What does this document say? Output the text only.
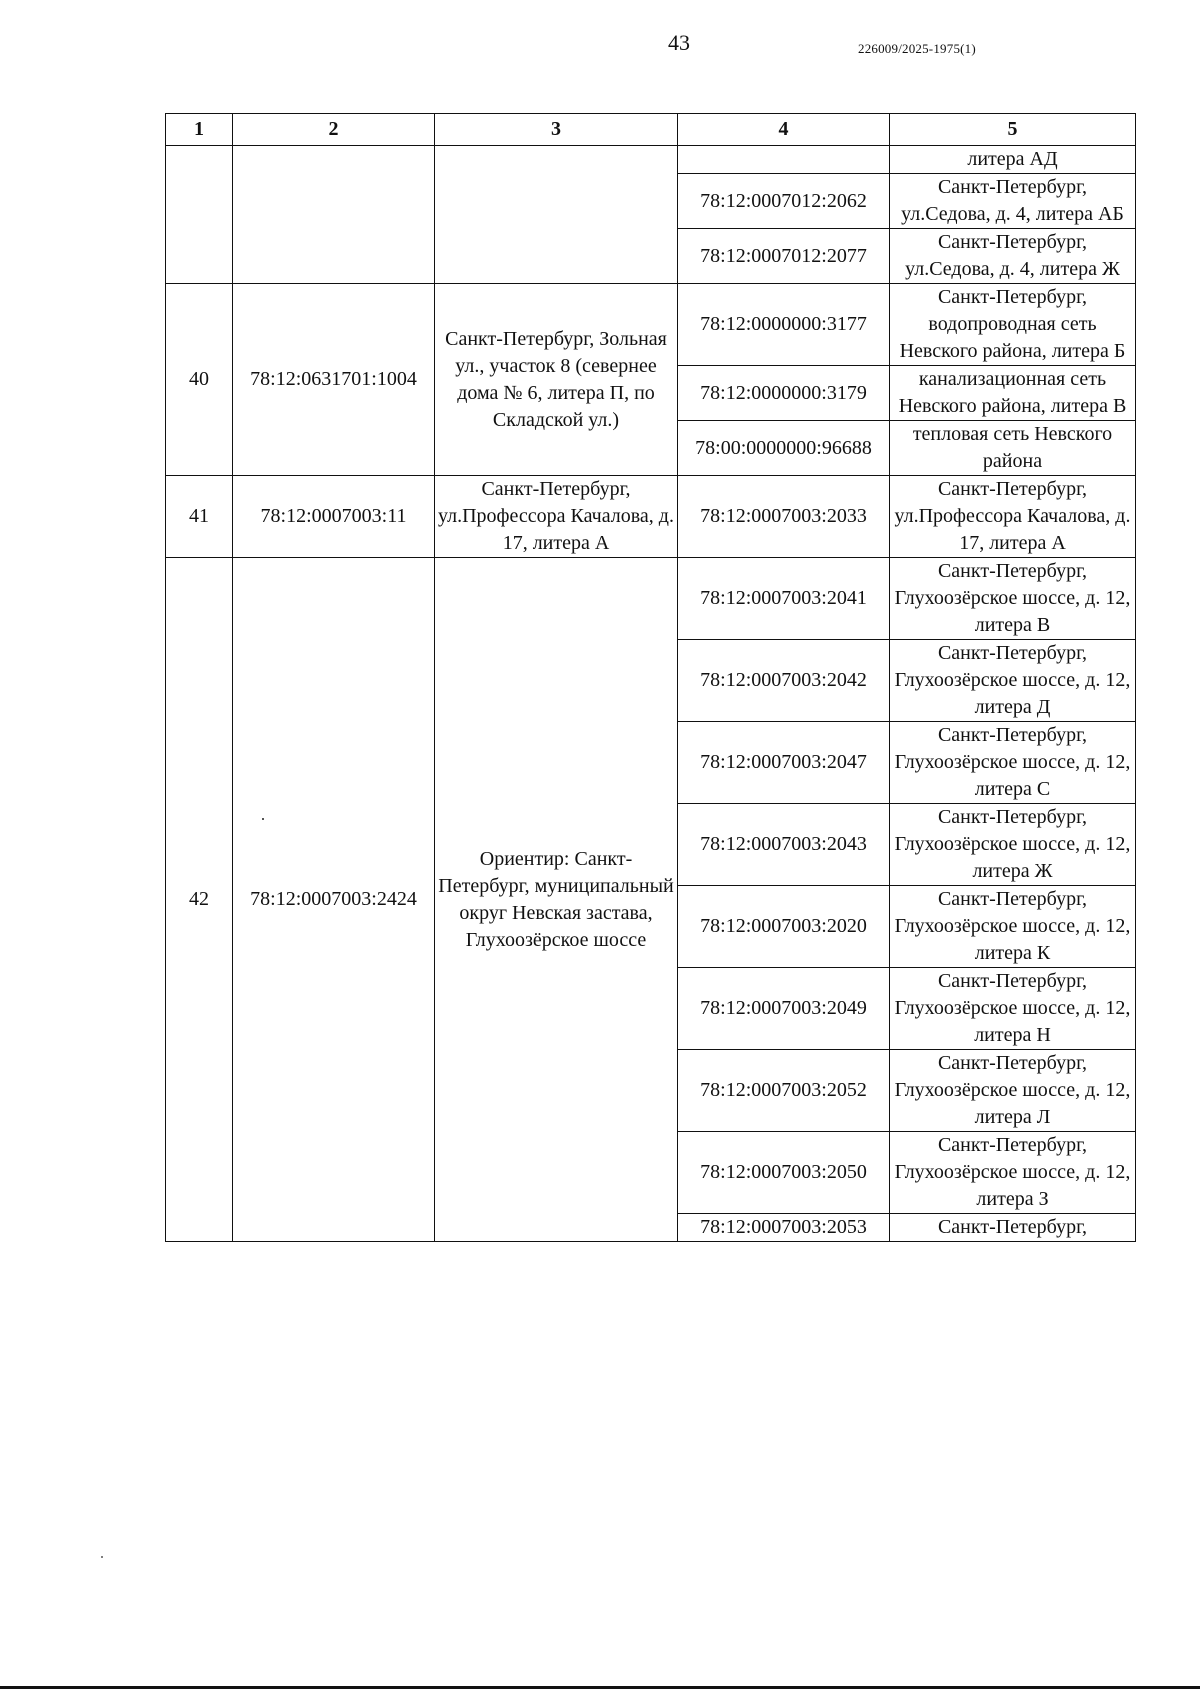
43	226009/2025-1975(1)
1	2	3	4	5
				литера АД
			78:12:0007012:2062	Санкт-Петербург, ул.Седова, д. 4, литера АБ
			78:12:0007012:2077	Санкт-Петербург, ул.Седова, д. 4, литера Ж
40	78:12:0631701:1004	Санкт-Петербург, Зольная ул., участок 8 (севернее дома № 6, литера П, по Складской ул.)	78:12:0000000:3177	Санкт-Петербург, водопроводная сеть Невского района, литера Б
			78:12:0000000:3179	канализационная сеть Невского района, литера В
			78:00:0000000:96688	тепловая сеть Невского района
41	78:12:0007003:11	Санкт-Петербург, ул.Профессора Качалова, д. 17, литера А	78:12:0007003:2033	Санкт-Петербург, ул.Профессора Качалова, д. 17, литера А
42	78:12:0007003:2424	Ориентир: Санкт-Петербург, муниципальный округ Невская застава, Глухоозёрское шоссе	78:12:0007003:2041	Санкт-Петербург, Глухоозёрское шоссе, д. 12, литера В
			78:12:0007003:2042	Санкт-Петербург, Глухоозёрское шоссе, д. 12, литера Д
			78:12:0007003:2047	Санкт-Петербург, Глухоозёрское шоссе, д. 12, литера С
			78:12:0007003:2043	Санкт-Петербург, Глухоозёрское шоссе, д. 12, литера Ж
			78:12:0007003:2020	Санкт-Петербург, Глухоозёрское шоссе, д. 12, литера К
			78:12:0007003:2049	Санкт-Петербург, Глухоозёрское шоссе, д. 12, литера Н
			78:12:0007003:2052	Санкт-Петербург, Глухоозёрское шоссе, д. 12, литера Л
			78:12:0007003:2050	Санкт-Петербург, Глухоозёрское шоссе, д. 12, литера З
			78:12:0007003:2053	Санкт-Петербург,
